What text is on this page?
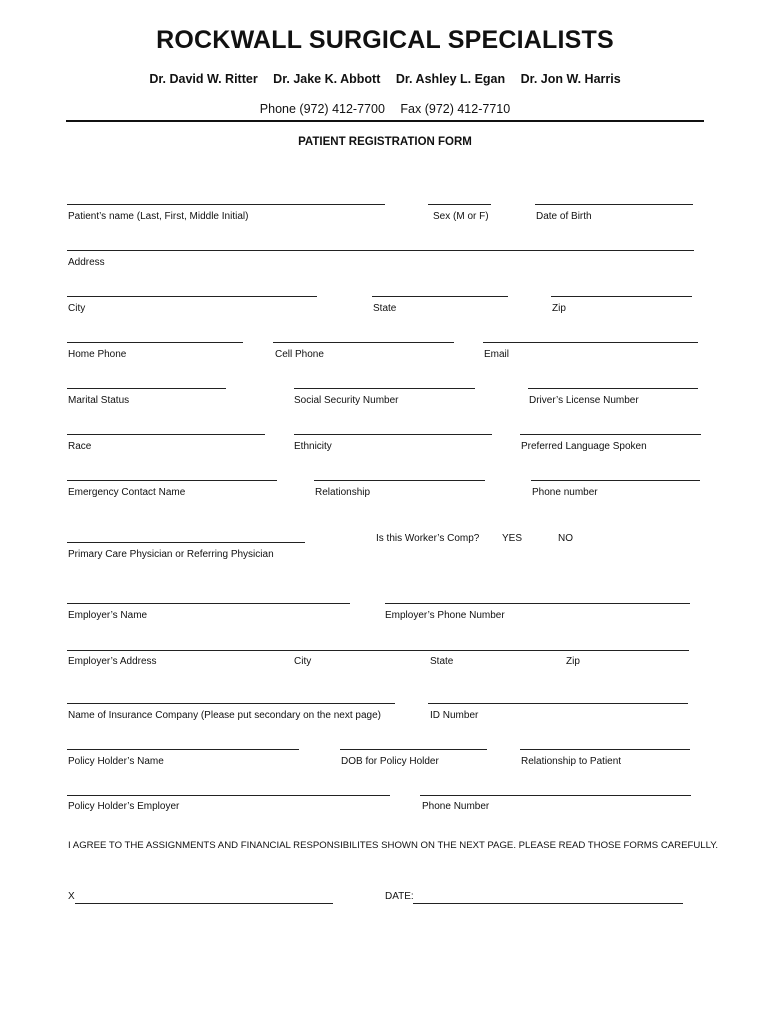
ROCKWALL SURGICAL SPECIALISTS
Dr. David W. Ritter Dr. Jake K. Abbott Dr. Ashley L. Egan Dr. Jon W. Harris
Phone (972) 412-7700 Fax (972) 412-7710
PATIENT REGISTRATION FORM
Patient’s name (Last, First, Middle Initial)	Sex (M or F)	Date of Birth
Address
City	State	Zip
Home Phone	Cell Phone	Email
Marital Status	Social Security Number	Driver’s License Number
Race	Ethnicity	Preferred Language Spoken
Emergency Contact Name	Relationship	Phone number
Is this Worker’s Comp? YES	NO
Primary Care Physician or Referring Physician
Employer’s Name	Employer’s Phone Number
Employer’s Address	City	State	Zip
Name of Insurance Company (Please put secondary on the next page)	ID Number
Policy Holder’s Name	DOB for Policy Holder	Relationship to Patient
Policy Holder’s Employer	Phone Number
I AGREE TO THE ASSIGNMENTS AND FINANCIAL RESPONSIBILITES SHOWN ON THE NEXT PAGE. PLEASE READ THOSE FORMS CAREFULLY.
X	DATE:
